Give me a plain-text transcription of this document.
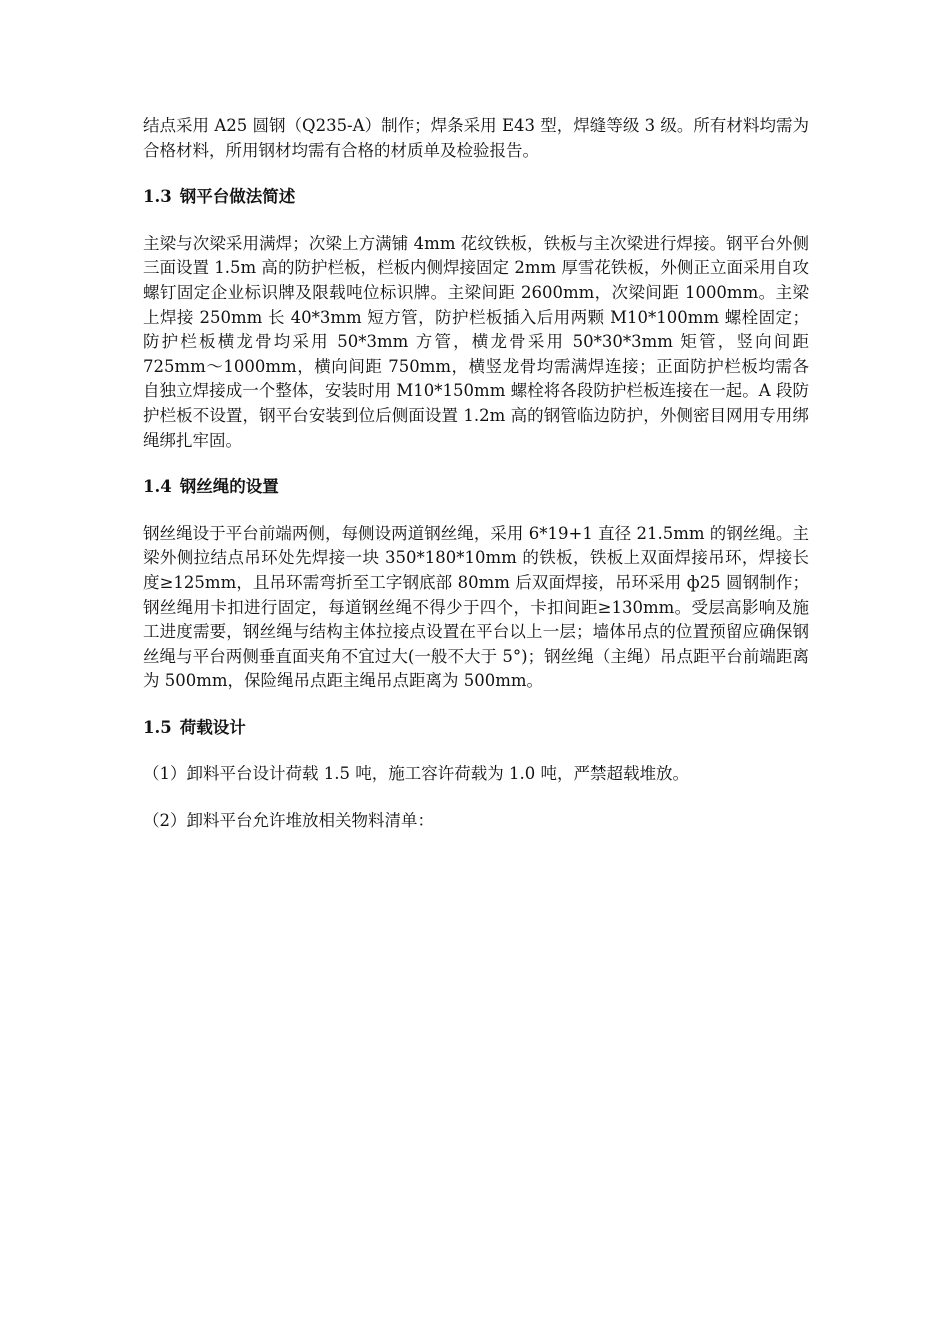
结点采用 A25 圆钢（Q235-A）制作；焊条采用 E43 型，焊缝等级 3 级。所有材料均需为合格材料，所用钢材均需有合格的材质单及检验报告。

1.3 钢平台做法简述

主梁与次梁采用满焊；次梁上方满铺 4mm 花纹铁板，铁板与主次梁进行焊接。钢平台外侧三面设置 1.5m 高的防护栏板，栏板内侧焊接固定 2mm 厚雪花铁板，外侧正立面采用自攻螺钉固定企业标识牌及限载吨位标识牌。主梁间距 2600mm，次梁间距 1000mm。主梁上焊接 250mm 长 40*3mm 短方管，防护栏板插入后用两颗 M10*100mm 螺栓固定；防护栏板横龙骨均采用 50*3mm 方管，横龙骨采用 50*30*3mm 矩管，竖向间距 725mm～1000mm，横向间距 750mm，横竖龙骨均需满焊连接；正面防护栏板均需各自独立焊接成一个整体，安装时用 M10*150mm 螺栓将各段防护栏板连接在一起。A 段防护栏板不设置，钢平台安装到位后侧面设置 1.2m 高的钢管临边防护，外侧密目网用专用绑绳绑扎牢固。

1.4 钢丝绳的设置

钢丝绳设于平台前端两侧，每侧设两道钢丝绳，采用 6*19+1 直径 21.5mm 的钢丝绳。主梁外侧拉结点吊环处先焊接一块 350*180*10mm 的铁板，铁板上双面焊接吊环，焊接长度≥125mm，且吊环需弯折至工字钢底部 80mm 后双面焊接，吊环采用 ф25 圆钢制作；钢丝绳用卡扣进行固定，每道钢丝绳不得少于四个，卡扣间距≥130mm。受层高影响及施工进度需要，钢丝绳与结构主体拉接点设置在平台以上一层；墙体吊点的位置预留应确保钢丝绳与平台两侧垂直面夹角不宜过大(一般不大于 5°)；钢丝绳（主绳）吊点距平台前端距离为 500mm，保险绳吊点距主绳吊点距离为 500mm。

1.5 荷载设计

（1）卸料平台设计荷载 1.5 吨，施工容许荷载为 1.0 吨，严禁超载堆放。

（2）卸料平台允许堆放相关物料清单：
